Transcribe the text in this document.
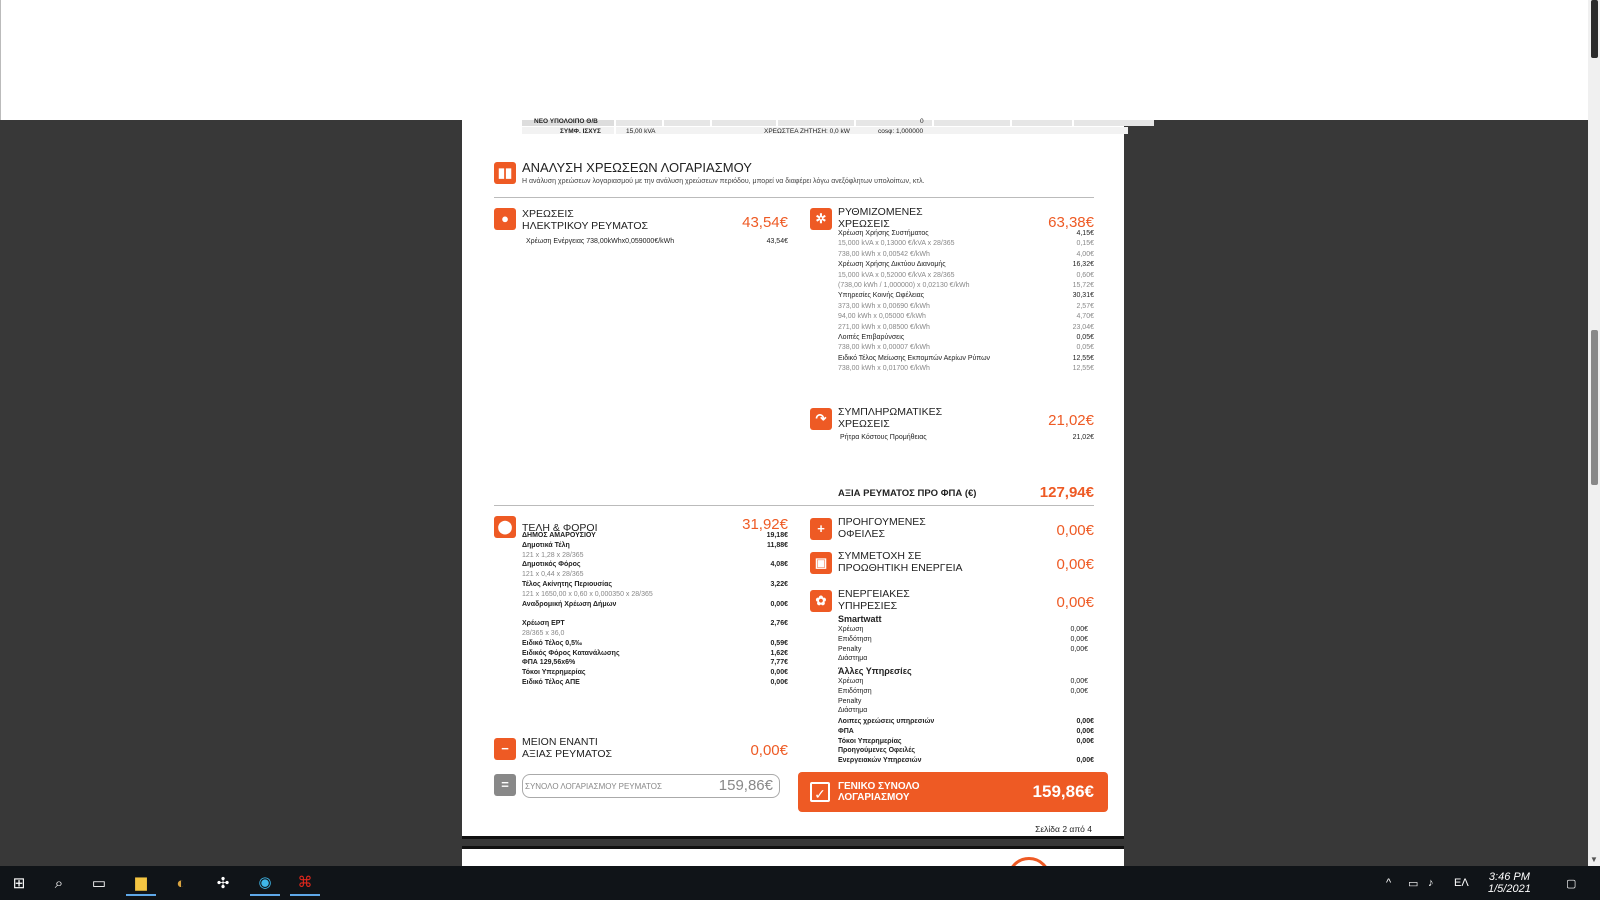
▼
ΝΕΟ ΥΠΟΛΟΙΠΟ Θ/Β	0
ΣΥΜΦ. ΙΣΧΥΣ	15,00 kVA	ΧΡΕΩΣΤΕΑ ΖΗΤΗΣΗ: 0,0 kW	cosφ: 1,000000
▮▮ ΑΝΑΛΥΣΗ ΧΡΕΩΣΕΩΝ ΛΟΓΑΡΙΑΣΜΟΥ
Η ανάλυση χρεώσεων λογαριασμού με την ανάλυση χρεώσεων περιόδου, μπορεί να διαφέρει λόγω ανεξόφλητων υπολοίπων, κτλ.
●	ΧΡΕΩΣΕΙΣ
ΗΛΕΚΤΡΙΚΟΥ ΡΕΥΜΑΤΟΣ	43,54€
Χρέωση Ενέργειας 738,00kWhx0,059000€/kWh	43,54€
✲	ΡΥΘΜΙΖΟΜΕΝΕΣ
ΧΡΕΩΣΕΙΣ	63,38€
Χρέωση Χρήσης Συστήματος	4,15€
15,000 kVA x 0,13000 €/kVA x 28/365	0,15€
738,00 kWh x 0,00542 €/kWh	4,00€
Χρέωση Χρήσης Δικτύου Διανομής	16,32€
15,000 kVA x 0,52000 €/kVA x 28/365	0,60€
(738,00 kWh / 1,000000) x 0,02130 €/kWh	15,72€
Υπηρεσίες Κοινής Ωφέλειας	30,31€
373,00 kWh x 0,00690 €/kWh	2,57€
94,00 kWh x 0,05000 €/kWh	4,70€
271,00 kWh x 0,08500 €/kWh	23,04€
Λοιπές Επιβαρύνσεις	0,05€
738,00 kWh x 0,00007 €/kWh	0,05€
Ειδικό Τέλος Μείωσης Εκπομπών Αερίων Ρύπων	12,55€
738,00 kWh x 0,01700 €/kWh	12,55€
↷	ΣΥΜΠΛΗΡΩΜΑΤΙΚΕΣ
ΧΡΕΩΣΕΙΣ	21,02€
Ρήτρα Κόστους Προμήθειας	21,02€
ΑΞΙΑ ΡΕΥΜΑΤΟΣ ΠΡΟ ΦΠΑ (€)	127,94€
⬤ ΤΕΛΗ & ΦΟΡΟΙ	31,92€
ΔΗΜΟΣ ΑΜΑΡΟΥΣΙΟΥ	19,18€
Δημοτικά Τέλη	11,88€
121 x 1,28 x 28/365
Δημοτικός Φόρος	4,08€
121 x 0,44 x 28/365
Τέλος Ακίνητης Περιουσίας	3,22€
121 x 1650,00 x 0,60 x 0,000350 x 28/365
Αναδρομική Χρέωση Δήμων	0,00€
Χρέωση ΕΡΤ	2,76€
28/365 x 36,0
Ειδικό Τέλος 0,5‰	0,59€
Ειδικός Φόρος Κατανάλωσης	1,62€
ΦΠΑ 129,56x6%	7,77€
Τόκοι Υπερημερίας	0,00€
Ειδικό Τέλος ΑΠΕ	0,00€
+	ΠΡΟΗΓΟΥΜΕΝΕΣ
ΟΦΕΙΛΕΣ	0,00€
▣	ΣΥΜΜΕΤΟΧΗ ΣΕ
ΠΡΟΩΘΗΤΙΚΗ ΕΝΕΡΓΕΙΑ	0,00€
✿	ΕΝΕΡΓΕΙΑΚΕΣ
ΥΠΗΡΕΣΙΕΣ	0,00€
Smartwatt
Χρέωση	0,00€
Επιδότηση	0,00€
Penalty	0,00€
Διάστημα
Άλλες Υπηρεσίες
Χρέωση	0,00€
Επιδότηση	0,00€
Penalty
Διάστημα
Λοιπες χρεώσεις υπηρεσιών	0,00€
ΦΠΑ	0,00€
Τόκοι Υπερημερίας	0,00€
Προηγούμενες Οφειλές
Ενεργειακών Υπηρεσιών	0,00€
−	ΜΕΙΟΝ ΕΝΑΝΤΙ
ΑΞΙΑΣ ΡΕΥΜΑΤΟΣ	0,00€
=	ΣΥΝΟΛΟ ΛΟΓΑΡΙΑΣΜΟΥ ΡΕΥΜΑΤΟΣ	159,86€	✓	ΓΕΝΙΚΟ ΣΥΝΟΛΟ
ΛΟΓΑΡΙΑΣΜΟΥ	159,86€
Σελίδα 2 από 4
⊞	⌕	▭	▆	◐	✣	◉	⌘	^ ▭ ♪ ΕΛ 3:46 PM
1/5/2021	▢
